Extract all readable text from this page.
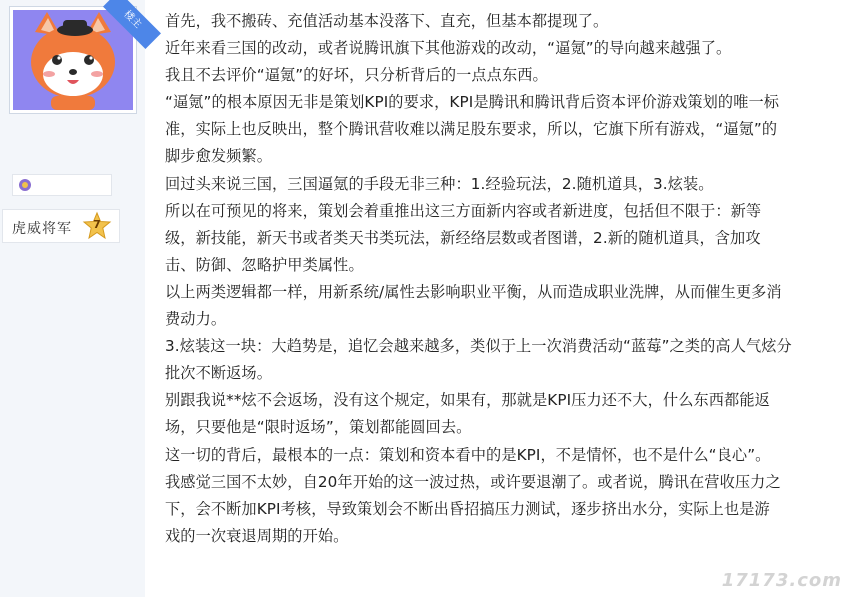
楼主
虎威将军	7

首先，我不搬砖、充值活动基本没落下、直充，但基本都提现了。

近年来看三国的改动，或者说腾讯旗下其他游戏的改动，“逼氪”的导向越来越强了。

我且不去评价“逼氪”的好坏，只分析背后的一点点东西。

“逼氪”的根本原因无非是策划KPI的要求，KPI是腾讯和腾讯背后资本评价游戏策划的唯一标

准，实际上也反映出，整个腾讯营收难以满足股东要求，所以，它旗下所有游戏，“逼氪”的

脚步愈发频繁。

回过头来说三国，三国逼氪的手段无非三种：1.经验玩法，2.随机道具，3.炫装。

所以在可预见的将来，策划会着重推出这三方面新内容或者新进度，包括但不限于：新等

级，新技能，新天书或者类天书类玩法，新经络层数或者图谱，2.新的随机道具，含加攻

击、防御、忽略护甲类属性。

以上两类逻辑都一样，用新系统/属性去影响职业平衡，从而造成职业洗牌，从而催生更多消

费动力。

3.炫装这一块：大趋势是，追忆会越来越多，类似于上一次消费活动“蓝莓”之类的高人气炫分

批次不断返场。

别跟我说**炫不会返场，没有这个规定，如果有，那就是KPI压力还不大，什么东西都能返

场，只要他是“限时返场”，策划都能圆回去。

这一切的背后，最根本的一点：策划和资本看中的是KPI，不是情怀，也不是什么“良心”。

我感觉三国不太妙，自20年开始的这一波过热，或许要退潮了。或者说，腾讯在营收压力之

下，会不断加KPI考核，导致策划会不断出昏招搞压力测试，逐步挤出水分，实际上也是游

戏的一次衰退周期的开始。

17173.com
